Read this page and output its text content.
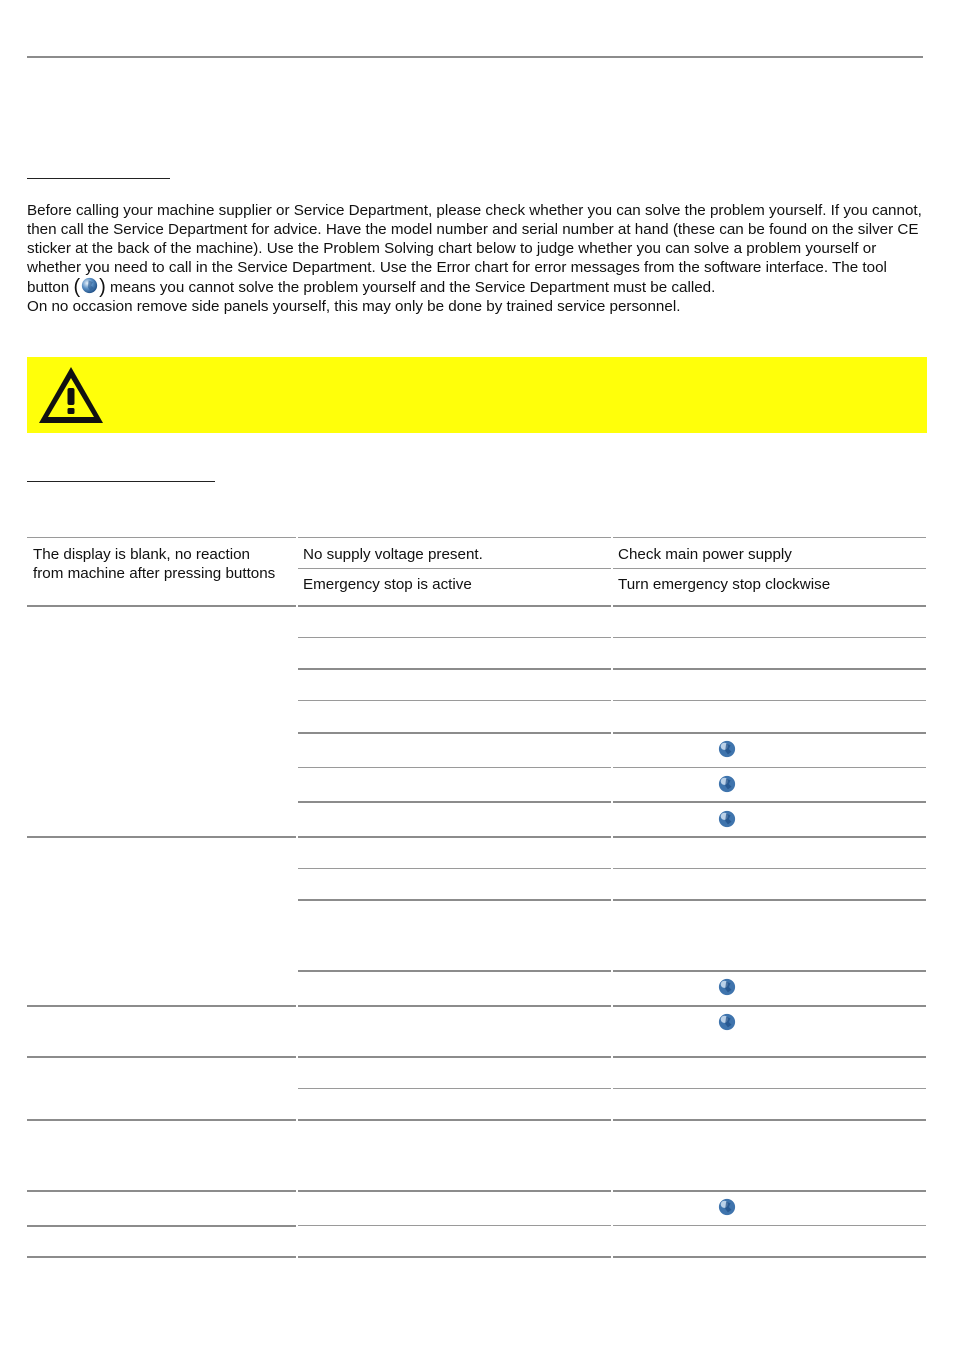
Before calling your machine supplier or Service Department, please check whether you can solve the problem yourself. If you cannot, then call the Service Department for advice. Have the model number and serial number at hand (these can be found on the silver CE sticker at the back of the machine). Use the Problem Solving chart below to judge whether you can solve a problem yourself or whether you need to call in the Service Department. Use the Error chart for error messages from the software interface. The tool button ( ) means you cannot solve the problem yourself and the Service Department must be called.

On no occasion remove side panels yourself, this may only be done by trained service personnel.

The display is blank, no reaction from machine after pressing buttons
No supply voltage present.	Check main power supply
Emergency stop is active	Turn emergency stop clockwise
